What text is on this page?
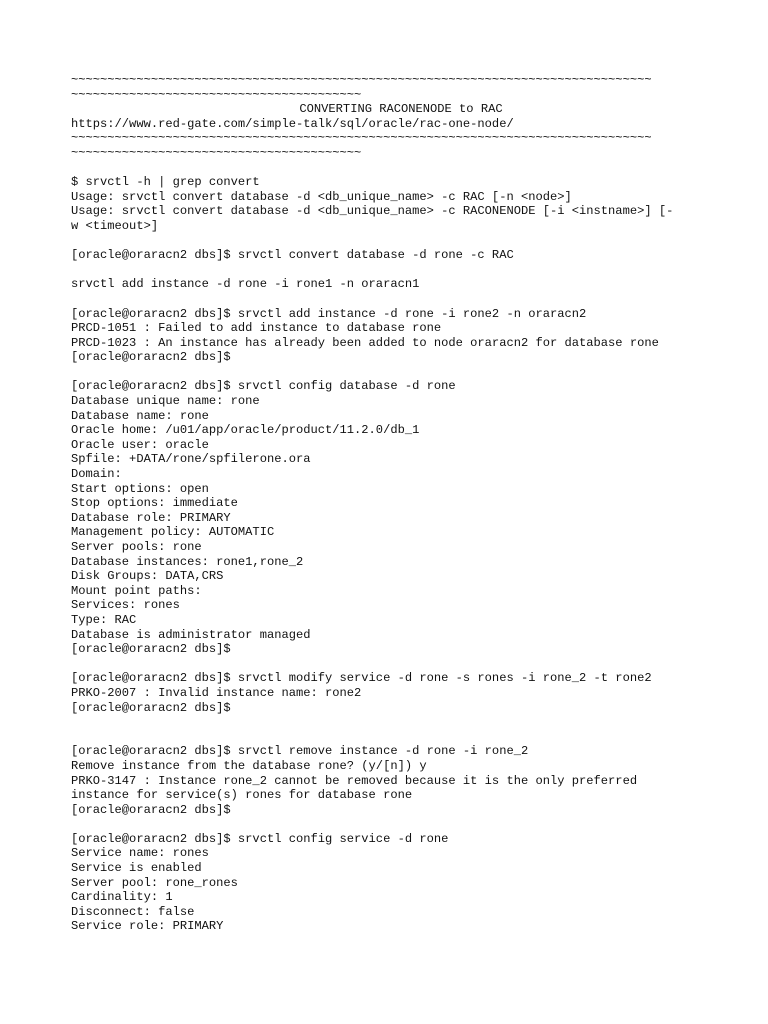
~~~~~~~~~~~~~~~~~~~~~~~~~~~~~~~~~~~~~~~~~~~~~~~~~~~~~~~~~~~~~~~~~~~~~~~~~~~~~~~~
~~~~~~~~~~~~~~~~~~~~~~~~~~~~~~~~~~~~~~~~
CONVERTING RACONENODE to RAC
https://www.red-gate.com/simple-talk/sql/oracle/rac-one-node/
~~~~~~~~~~~~~~~~~~~~~~~~~~~~~~~~~~~~~~~~~~~~~~~~~~~~~~~~~~~~~~~~~~~~~~~~~~~~~~~~
~~~~~~~~~~~~~~~~~~~~~~~~~~~~~~~~~~~~~~~~
$ srvctl -h | grep convert
Usage: srvctl convert database -d <db_unique_name> -c RAC [-n <node>]
Usage: srvctl convert database -d <db_unique_name> -c RACONENODE [-i <instname>] [-
w <timeout>]
[oracle@oraracn2 dbs]$ srvctl convert database -d rone -c RAC
srvctl add instance -d rone -i rone1 -n oraracn1
[oracle@oraracn2 dbs]$ srvctl add instance -d rone -i rone2 -n oraracn2
PRCD-1051 : Failed to add instance to database rone
PRCD-1023 : An instance has already been added to node oraracn2 for database rone
[oracle@oraracn2 dbs]$
[oracle@oraracn2 dbs]$ srvctl config database -d rone
Database unique name: rone
Database name: rone
Oracle home: /u01/app/oracle/product/11.2.0/db_1
Oracle user: oracle
Spfile: +DATA/rone/spfilerone.ora
Domain:
Start options: open
Stop options: immediate
Database role: PRIMARY
Management policy: AUTOMATIC
Server pools: rone
Database instances: rone1,rone_2
Disk Groups: DATA,CRS
Mount point paths:
Services: rones
Type: RAC
Database is administrator managed
[oracle@oraracn2 dbs]$
[oracle@oraracn2 dbs]$ srvctl modify service -d rone -s rones -i rone_2 -t rone2
PRKO-2007 : Invalid instance name: rone2
[oracle@oraracn2 dbs]$
[oracle@oraracn2 dbs]$ srvctl remove instance -d rone -i rone_2
Remove instance from the database rone? (y/[n]) y
PRKO-3147 : Instance rone_2 cannot be removed because it is the only preferred
instance for service(s) rones for database rone
[oracle@oraracn2 dbs]$
[oracle@oraracn2 dbs]$ srvctl config service -d rone
Service name: rones
Service is enabled
Server pool: rone_rones
Cardinality: 1
Disconnect: false
Service role: PRIMARY
